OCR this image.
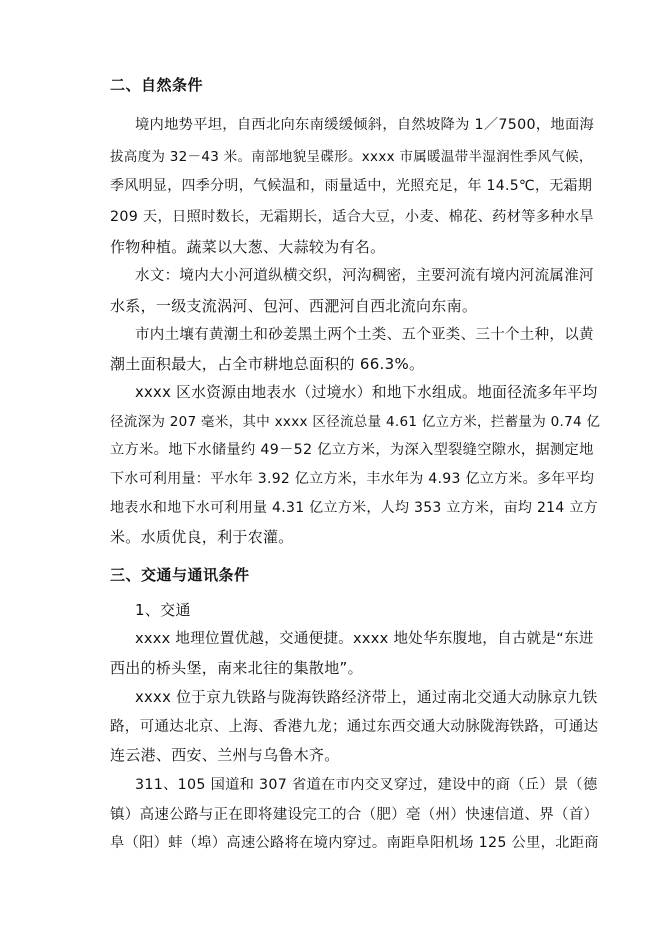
二、自然条件
境内地势平坦，自西北向东南缓缓倾斜，自然坡降为 1／7500，地面海
拔高度为 32－43 米。南部地貌呈碟形。xxxx 市属暖温带半湿润性季风气候，
季风明显，四季分明，气候温和，雨量适中，光照充足，年 14.5℃，无霜期
209 天，日照时数长，无霜期长，适合大豆，小麦、棉花、药材等多种水旱
作物种植。蔬菜以大葱、大蒜较为有名。
水文：境内大小河道纵横交织，河沟稠密，主要河流有境内河流属淮河
水系，一级支流涡河、包河、西淝河自西北流向东南。
市内土壤有黄潮土和砂姜黑土两个土类、五个亚类、三十个土种，以黄
潮土面积最大，占全市耕地总面积的 66.3%。
xxxx 区水资源由地表水（过境水）和地下水组成。地面径流多年平均
径流深为 207 毫米，其中 xxxx 区径流总量 4.61 亿立方米，拦蓄量为 0.74 亿
立方米。地下水储量约 49－52 亿立方米，为深入型裂缝空隙水，据测定地
下水可利用量：平水年 3.92 亿立方米，丰水年为 4.93 亿立方米。多年平均
地表水和地下水可利用量 4.31 亿立方米，人均 353 立方米，亩均 214 立方
米。水质优良，利于农灌。
三、交通与通讯条件
1、交通
xxxx 地理位置优越，交通便捷。xxxx 地处华东腹地，自古就是“东进
西出的桥头堡，南来北往的集散地”。
xxxx 位于京九铁路与陇海铁路经济带上，通过南北交通大动脉京九铁
路，可通达北京、上海、香港九龙；通过东西交通大动脉陇海铁路，可通达
连云港、西安、兰州与乌鲁木齐。
311、105 国道和 307 省道在市内交叉穿过，建设中的商（丘）景（德
镇）高速公路与正在即将建设完工的合（肥）亳（州）快速信道、界（首）
阜（阳）蚌（埠）高速公路将在境内穿过。南距阜阳机场 125 公里，北距商
